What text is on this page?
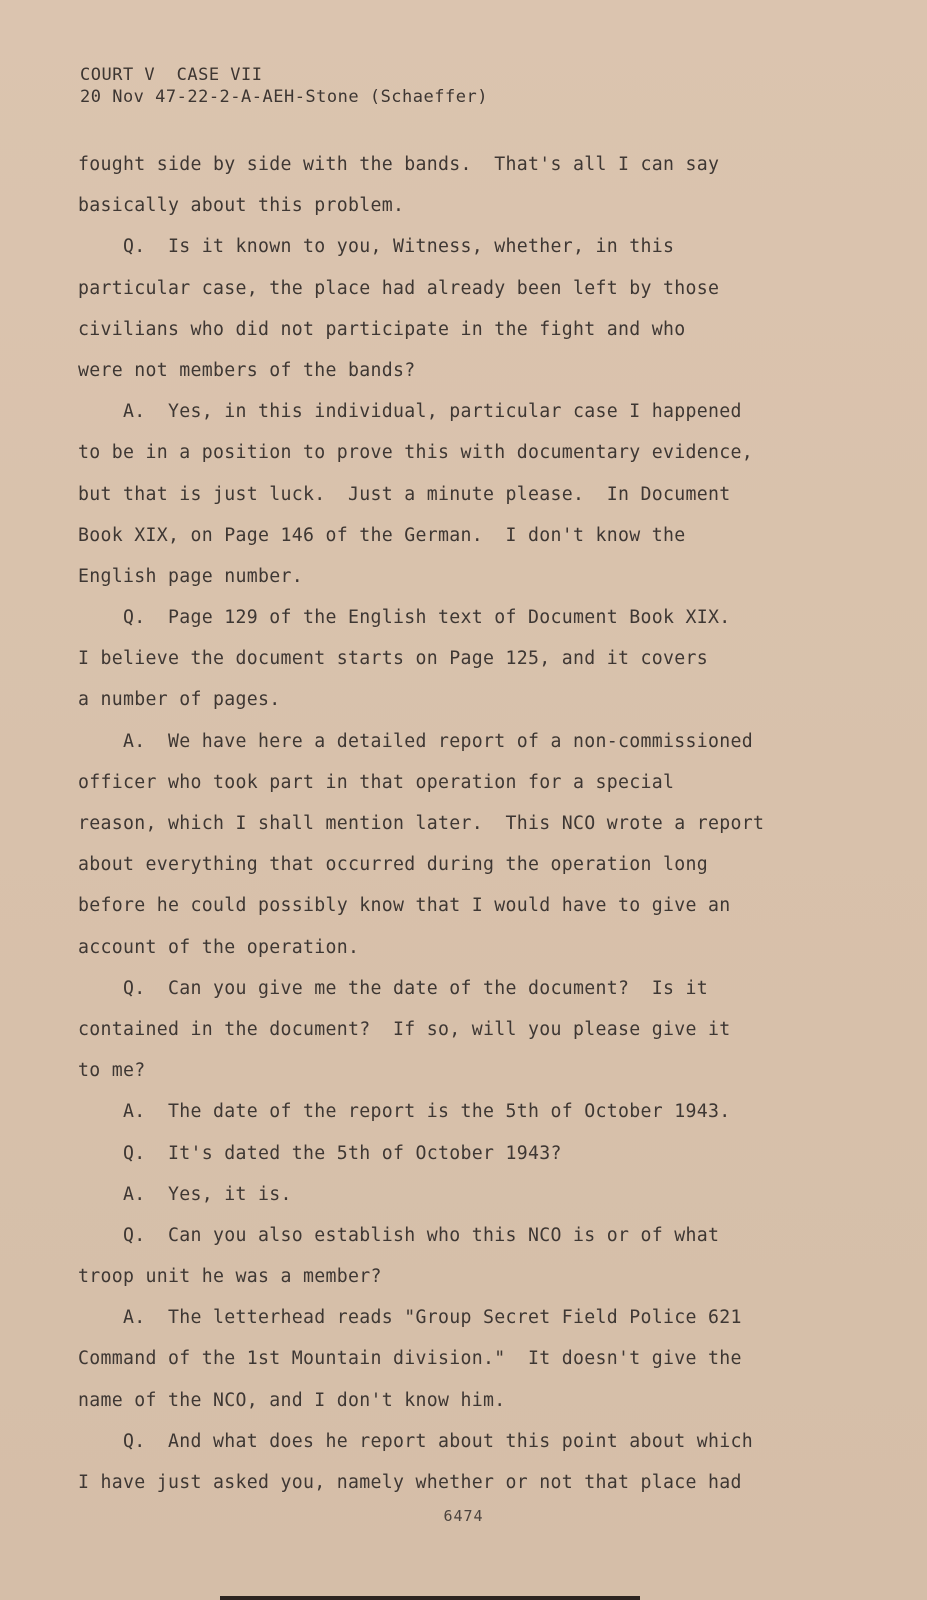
COURT V  CASE VII
20 Nov 47-22-2-A-AEH-Stone (Schaeffer)
fought side by side with the bands.  That's all I can say
basically about this problem.
Q.  Is it known to you, Witness, whether, in this
particular case, the place had already been left by those
civilians who did not participate in the fight and who
were not members of the bands?
A.  Yes, in this individual, particular case I happened
to be in a position to prove this with documentary evidence,
but that is just luck.  Just a minute please.  In Document
Book XIX, on Page 146 of the German.  I don't know the
English page number.
Q.  Page 129 of the English text of Document Book XIX.
I believe the document starts on Page 125, and it covers
a number of pages.
A.  We have here a detailed report of a non-commissioned
officer who took part in that operation for a special
reason, which I shall mention later.  This NCO wrote a report
about everything that occurred during the operation long
before he could possibly know that I would have to give an
account of the operation.
Q.  Can you give me the date of the document?  Is it
contained in the document?  If so, will you please give it
to me?
A.  The date of the report is the 5th of October 1943.
Q.  It's dated the 5th of October 1943?
A.  Yes, it is.
Q.  Can you also establish who this NCO is or of what
troop unit he was a member?
A.  The letterhead reads "Group Secret Field Police 621
Command of the 1st Mountain division."  It doesn't give the
name of the NCO, and I don't know him.
Q.  And what does he report about this point about which
I have just asked you, namely whether or not that place had
6474
